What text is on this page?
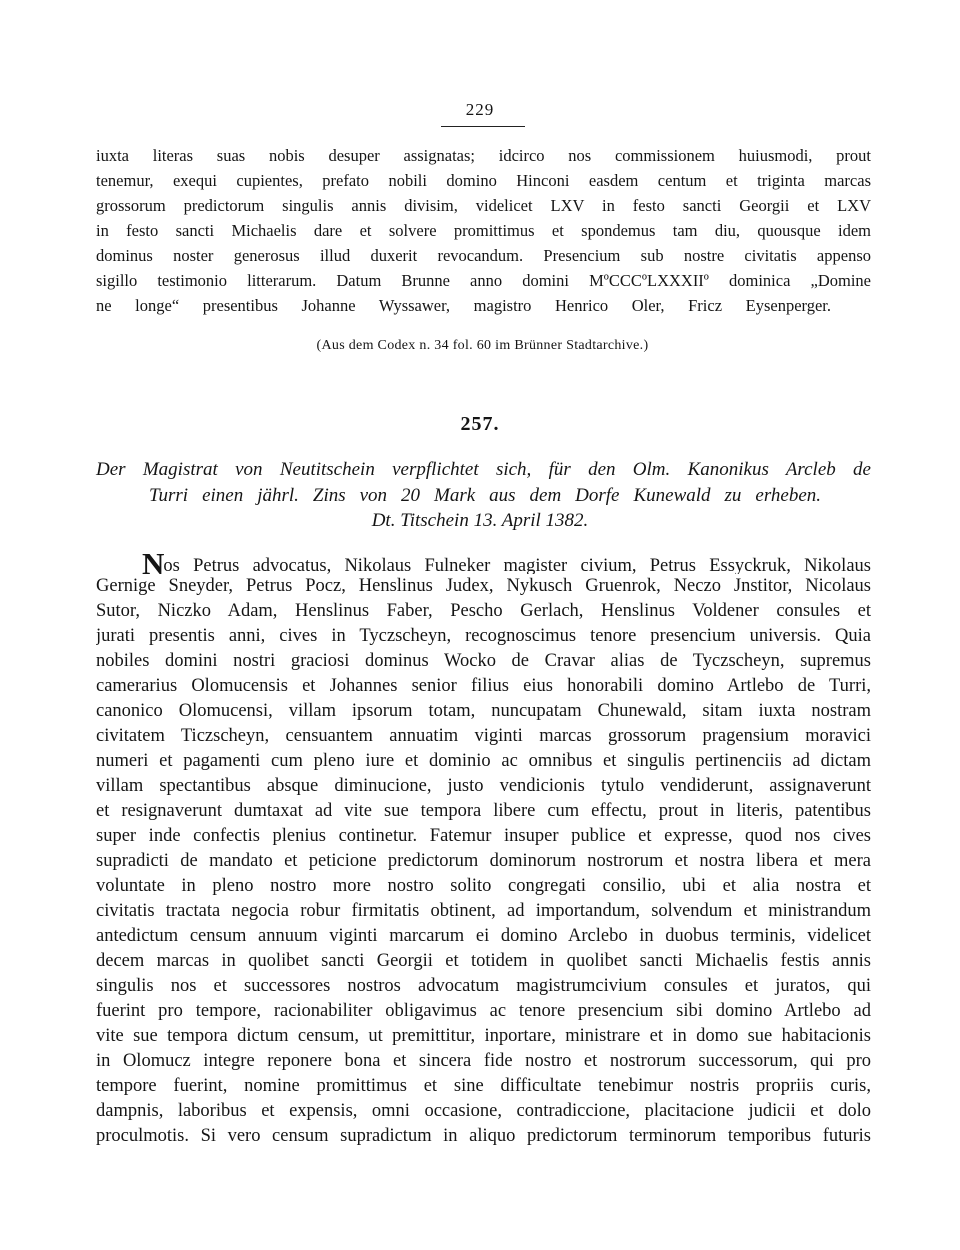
229
iuxta literas suas nobis desuper assignatas; idcirco nos commissionem huiusmodi, prout
tenemur, exequi cupientes, prefato nobili domino Hinconi easdem centum et triginta marcas
grossorum predictorum singulis annis divisim, videlicet LXV in festo sancti Georgii et LXV
in festo sancti Michaelis dare et solvere promittimus et spondemus tam diu, quousque idem
dominus noster generosus illud duxerit revocandum. Presencium sub nostre civitatis appenso
sigillo testimonio litterarum. Datum Brunne anno domini MºCCCºLXXXIIº dominica „Domine
ne longe“ presentibus Johanne Wyssawer, magistro Henrico Oler, Fricz Eysenperger.
(Aus dem Codex n. 34 fol. 60 im Brünner Stadtarchive.)
257.
Der Magistrat von Neutitschein verpflichtet sich, für den Olm. Kanonikus Arcleb de
Turri einen jährl. Zins von 20 Mark aus dem Dorfe Kunewald zu erheben.
Dt. Titschein 13. April 1382.
Nos Petrus advocatus, Nikolaus Fulneker magister civium, Petrus Essyckruk, Nikolaus
Gernige Sneyder, Petrus Pocz, Henslinus Judex, Nykusch Gruenrok, Neczo Jnstitor, Nicolaus
Sutor, Niczko Adam, Henslinus Faber, Pescho Gerlach, Henslinus Voldener consules et
jurati presentis anni, cives in Tyczscheyn, recognoscimus tenore presencium universis. Quia
nobiles domini nostri graciosi dominus Wocko de Cravar alias de Tyczscheyn, supremus
camerarius Olomucensis et Johannes senior filius eius honorabili domino Artlebo de Turri,
canonico Olomucensi, villam ipsorum totam, nuncupatam Chunewald, sitam iuxta nostram
civitatem Ticzscheyn, censuantem annuatim viginti marcas grossorum pragensium moravici
numeri et pagamenti cum pleno iure et dominio ac omnibus et singulis pertinenciis ad dictam
villam spectantibus absque diminucione, justo vendicionis tytulo vendiderunt, assignaverunt
et resignaverunt dumtaxat ad vite sue tempora libere cum effectu, prout in literis, patentibus
super inde confectis plenius continetur. Fatemur insuper publice et expresse, quod nos cives
supradicti de mandato et peticione predictorum dominorum nostrorum et nostra libera et mera
voluntate in pleno nostro more nostro solito congregati consilio, ubi et alia nostra et
civitatis tractata negocia robur firmitatis obtinent, ad importandum, solvendum et ministrandum
antedictum censum annuum viginti marcarum ei domino Arclebo in duobus terminis, videlicet
decem marcas in quolibet sancti Georgii et totidem in quolibet sancti Michaelis festis annis
singulis nos et successores nostros advocatum magistrumcivium consules et juratos, qui
fuerint pro tempore, racionabiliter obligavimus ac tenore presencium sibi domino Artlebo ad
vite sue tempora dictum censum, ut premittitur, inportare, ministrare et in domo sue habitacionis
in Olomucz integre reponere bona et sincera fide nostro et nostrorum successorum, qui pro
tempore fuerint, nomine promittimus et sine difficultate tenebimur nostris propriis curis,
dampnis, laboribus et expensis, omni occasione, contradiccione, placitacione judicii et dolo
proculmotis. Si vero censum supradictum in aliquo predictorum terminorum temporibus futuris
